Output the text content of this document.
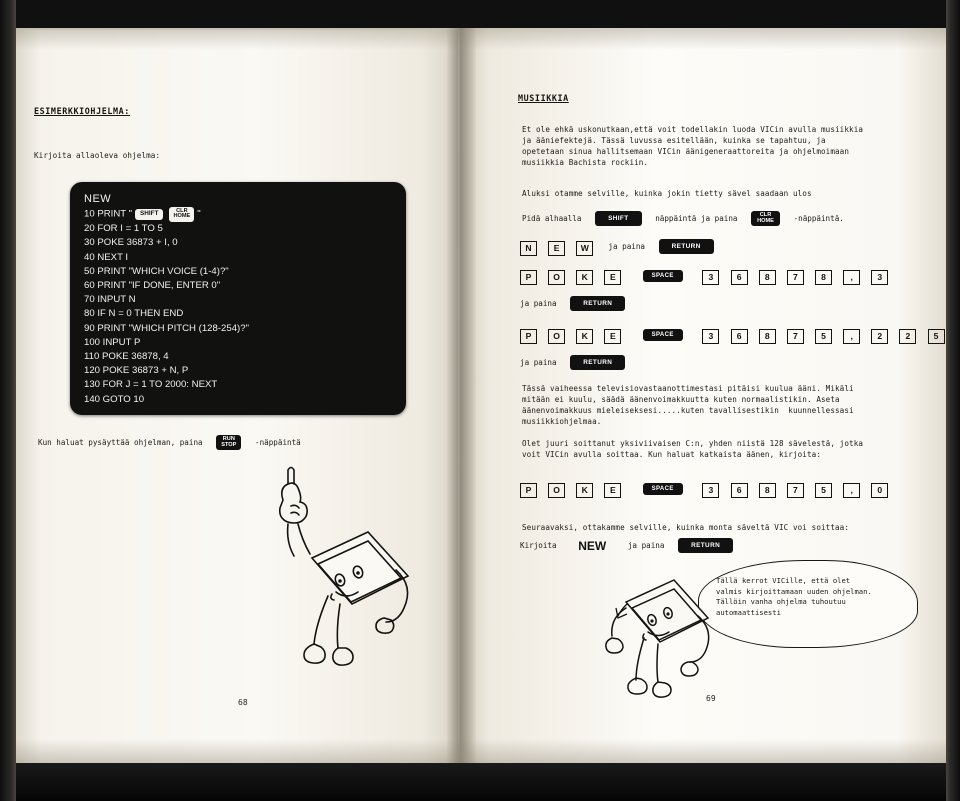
ESIMERKKIOHJELMA:
Kirjoita allaoleva ohjelma:
NEW
10 PRINT " SHIFT	CLR
HOME "
20 FOR I = 1 TO 5
30 POKE 36873 + I, 0
40 NEXT I
50 PRINT "WHICH VOICE (1-4)?"
60 PRINT "IF DONE, ENTER 0"
70 INPUT N
80 IF N = 0 THEN END
90 PRINT "WHICH PITCH (128-254)?"
100 INPUT P
110 POKE 36878, 4
120 POKE 36873 + N, P
130 FOR J = 1 TO 2000: NEXT
140 GOTO 10
Kun haluat pysäyttää ohjelman, paina	RUN
STOP -näppäintä
68
MUSIIKKIA
Et ole ehkä uskonutkaan,että voit todellakin luoda VICin avulla musiikkia
ja ääniefektejä. Tässä luvussa esitellään, kuinka se tapahtuu, ja
opetetaan sinua hallitsemaan VICin äänigeneraattoreita ja ohjelmoimaan
musiikkia Bachista rockiin.
Aluksi otamme selville, kuinka jokin tietty sävel saadaan ulos
Pidä alhaalla	SHIFT	näppäintä ja paina	CLR
HOME	-näppäintä.
N	E W	ja paina	RETURN
P	O	K	E	SPACE	3	6	8	7	8	,	3
ja paina	RETURN
P	O	K	E	SPACE	3	6	8	7	5	,	2	2	5
ja paina	RETURN
Tässä vaiheessa televisiovastaanottimestasi pitäisi kuulua ääni. Mikäli
mitään ei kuulu, säädä äänenvoimakkuutta kuten normaalistikin. Aseta
äänenvoimakkuus mieleiseksesi.....kuten tavallisestikin  kuunnellessasi
musiikkiohjelmaa.
Olet juuri soittanut yksiviivaisen C:n, yhden niistä 128 sävelestä, jotka
voit VICin avulla soittaa. Kun haluat katkaista äänen, kirjoita:
P	O	K	E	SPACE	3	6	8	7	5	,	0
Seuraavaksi, ottakamme selville, kuinka monta säveltä VIC voi soittaa:
Kirjoita NEW	ja paina	RETURN
Tällä kerrot VICille, että olet
valmis kirjoittamaan uuden ohjelman.
Tällöin vanha ohjelma tuhoutuu
automaattisesti
69
